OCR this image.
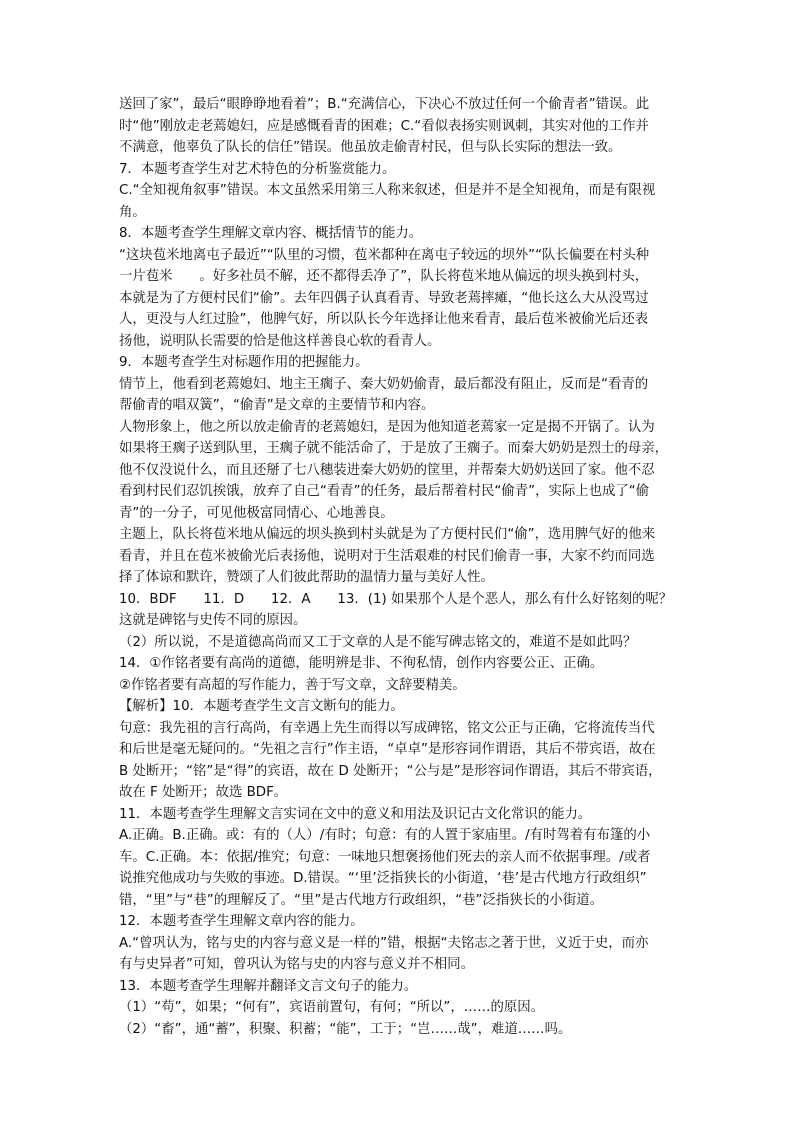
送回了家”，最后“眼睁睁地看着”；B.“充满信心，下决心不放过任何一个偷青者”错误。此
时“他”刚放走老蔫媳妇，应是感慨看青的困难；C.“看似表扬实则讽刺，其实对他的工作并
不满意，他辜负了队长的信任”错误。他虽放走偷青村民，但与队长实际的想法一致。
7．本题考查学生对艺术特色的分析鉴赏能力。
C.“全知视角叙事”错误。本文虽然采用第三人称来叙述，但是并不是全知视角，而是有限视
角。
8．本题考查学生理解文章内容、概括情节的能力。
“这块苞米地离屯子最近”“队里的习惯，苞米都种在离屯子较远的坝外”“队长偏要在村头种
一片苞米　　。好多社员不解，还不都得丢净了”，队长将苞米地从偏远的坝头换到村头，
本就是为了方便村民们“偷”。去年四偶子认真看青、导致老蔫摔瘫，“他长这么大从没骂过
人，更没与人红过脸”，他脾气好，所以队长今年选择让他来看青，最后苞米被偷光后还表
扬他，说明队长需要的恰是他这样善良心软的看青人。
9．本题考查学生对标题作用的把握能力。
情节上，他看到老蔫媳妇、地主王瘸子、秦大奶奶偷青，最后都没有阻止，反而是“看青的
帮偷青的唱双簧”，“偷青”是文章的主要情节和内容。
人物形象上，他之所以放走偷青的老蔫媳妇，是因为他知道老蔫家一定是揭不开锅了。认为
如果将王瘸子送到队里，王瘸子就不能活命了，于是放了王瘸子。而秦大奶奶是烈士的母亲，
他不仅没说什么，而且还掰了七八穗装进秦大奶奶的筐里，并帮秦大奶奶送回了家。他不忍
看到村民们忍饥挨饿，放弃了自己“看青”的任务，最后帮着村民“偷青”，实际上也成了“偷
青”的一分子，可见他极富同情心、心地善良。
主题上，队长将苞米地从偏远的坝头换到村头就是为了方便村民们“偷”，选用脾气好的他来
看青，并且在苞米被偷光后表扬他，说明对于生活艰难的村民们偷青一事，大家不约而同选
择了体谅和默许，赞颂了人们彼此帮助的温情力量与美好人性。
10．BDF　　11．D　　12．A　　13．(1) 如果那个人是个恶人，那么有什么好铭刻的呢？
这就是碑铭与史传不同的原因。
（2）所以说，不是道德高尚而又工于文章的人是不能写碑志铭文的，难道不是如此吗？
14．①作铭者要有高尚的道德，能明辨是非、不徇私情，创作内容要公正、正确。
②作铭者要有高超的写作能力，善于写文章，文辞要精美。
【解析】10．本题考查学生文言文断句的能力。
句意：我先祖的言行高尚，有幸遇上先生而得以写成碑铭，铭文公正与正确，它将流传当代
和后世是毫无疑问的。“先祖之言行”作主语，“卓卓”是形容词作谓语，其后不带宾语，故在
B 处断开；“铭”是“得”的宾语，故在 D 处断开；“公与是”是形容词作谓语，其后不带宾语，
故在 F 处断开；故选 BDF。
11．本题考查学生理解文言实词在文中的意义和用法及识记古文化常识的能力。
A.正确。B.正确。或：有的（人）/有时；句意：有的人置于家庙里。/有时驾着有布篷的小
车。C.正确。本：依据/推究；句意：一味地只想褒扬他们死去的亲人而不依据事理。/或者
说推究他成功与失败的事迹。D.错误。“‘里’泛指狭长的小街道，‘巷’是古代地方行政组织”
错，“里”与“巷”的理解反了。“里”是古代地方行政组织，“巷”泛指狭长的小街道。
12．本题考查学生理解文章内容的能力。
A.“曾巩认为，铭与史的内容与意义是一样的”错，根据“夫铭志之著于世，义近于史，而亦
有与史异者”可知，曾巩认为铭与史的内容与意义并不相同。
13．本题考查学生理解并翻译文言文句子的能力。
（1）“苟”，如果；“何有”，宾语前置句，有何；“所以”，……的原因。
（2）“畜”，通“蓄”，积聚、积蓄；“能”，工于；“岂……哉”，难道……吗。
